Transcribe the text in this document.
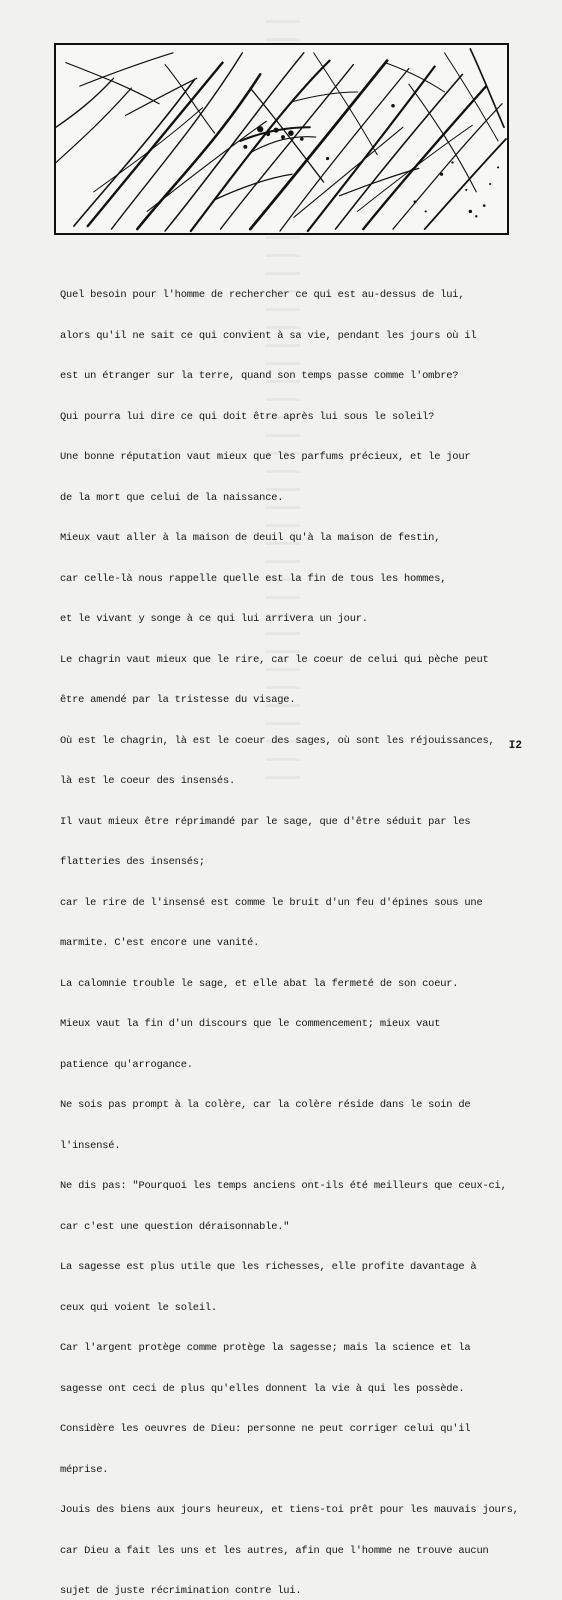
Quel besoin pour l'homme de rechercher ce qui est au-dessus de lui,

alors qu'il ne sait ce qui convient à sa vie, pendant les jours où il

est un étranger sur la terre, quand son temps passe comme l'ombre?

Qui pourra lui dire ce qui doit être après lui sous le soleil?

Une bonne réputation vaut mieux que les parfums précieux, et le jour

de la mort que celui de la naissance.

Mieux vaut aller à la maison de deuil qu'à la maison de festin,

car celle-là nous rappelle quelle est la fin de tous les hommes,

et le vivant y songe à ce qui lui arrivera un jour.

Le chagrin vaut mieux que le rire, car le coeur de celui qui pèche peut

être amendé par la tristesse du visage.

Où est le chagrin, là est le coeur des sages, où sont les réjouissances,

là est le coeur des insensés.

Il vaut mieux être réprimandé par le sage, que d'être séduit par les

flatteries des insensés;

car le rire de l'insensé est comme le bruit d'un feu d'épines sous une

marmite. C'est encore une vanité.

La calomnie trouble le sage, et elle abat la fermeté de son coeur.

Mieux vaut la fin d'un discours que le commencement; mieux vaut

patience qu'arrogance.

Ne sois pas prompt à la colère, car la colère réside dans le soin de

l'insensé.

Ne dis pas: "Pourquoi les temps anciens ont-ils été meilleurs que ceux-ci,

car c'est une question déraisonnable."

La sagesse est plus utile que les richesses, elle profite davantage à

ceux qui voient le soleil.

Car l'argent protège comme protège la sagesse; mais la science et la

sagesse ont ceci de plus qu'elles donnent la vie à qui les possède.

Considère les oeuvres de Dieu: personne ne peut corriger celui qu'il

méprise.

Jouis des biens aux jours heureux, et tiens-toi prêt pour les mauvais jours,

car Dieu a fait les uns et les autres, afin que l'homme ne trouve aucun

sujet de juste récrimination contre lui.

I2
